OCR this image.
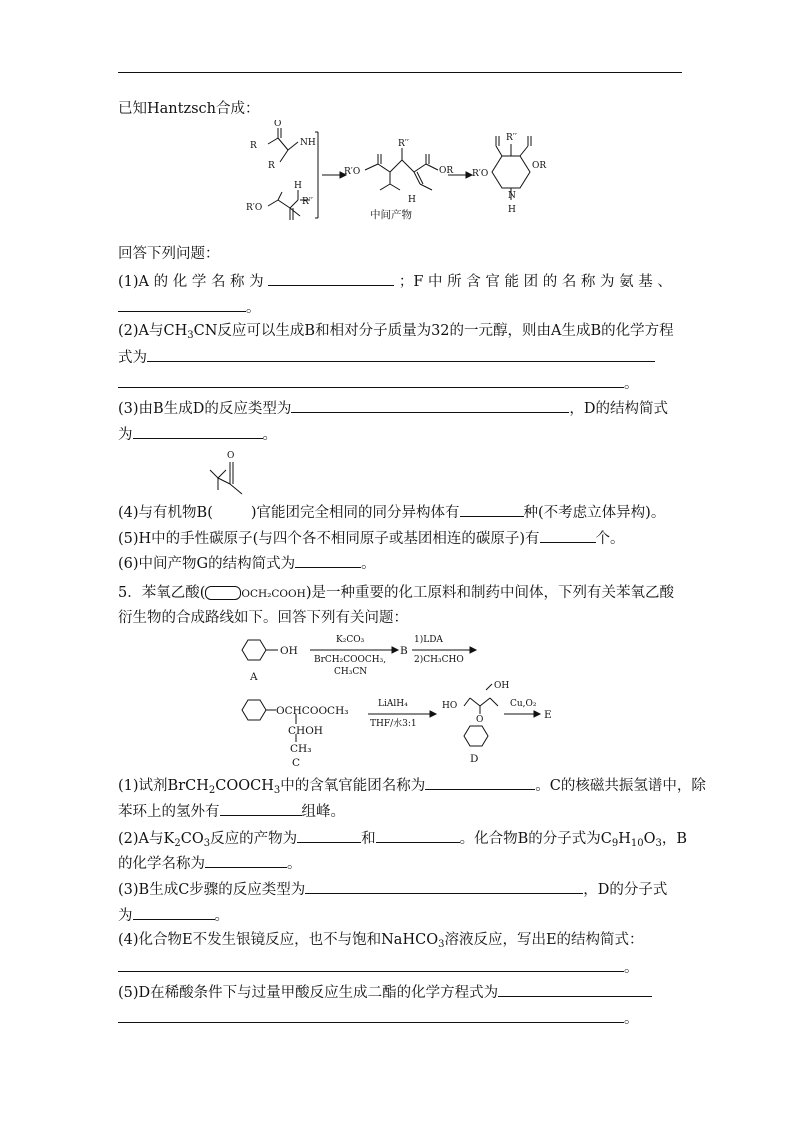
已知Hantzsch合成：
R
O
NH
R
H
R′′
R′O
R′O
R′′
OR
H
中间产物
R′O
OR
R′′
N
H
回答下列问题：
(1)A 的 化 学 名 称 为	；F 中 所 含 官 能 团 的 名 称 为 氨 基 、
。
(2)A与$CH_3CN$反应可以生成B和相对分子质量为32的一元醇，则由A生成B的化学方程
式为
。
(3)由B生成D的反应类型为	，D的结构简式
为	。
O
(4)与有机物B(	)官能团完全相同的同分异构体有	种(不考虑立体异构)。
(5)H中的手性碳原子(与四个各不相同原子或基团相连的碳原子)有	个。
(6)中间产物G的结构简式为	。
5．苯氧乙酸(	OCH₂COOH)是一种重要的化工原料和制药中间体，下列有关苯氧乙酸
衍生物的合成路线如下。回答下列有关问题：
OH
K₂CO₃
BrCH₂COOCH₃,
CH₃CN
B
1)LDA
2)CH₃CHO
A
OCHCOOCH₃
CHOH
CH₃
C
LiAlH₄
THF/水3:1
HO
OH
O
D
Cu,O₂
E
(1)试剂$BrCH_2COOCH_3$中的含氧官能团名称为	。C的核磁共振氢谱中，除
苯环上的氢外有	组峰。
(2)A与$K_2CO_3$反应的产物为	和	。化合物B的分子式为$C_9H_{10}O_3$，B
的化学名称为	。
(3)B生成C步骤的反应类型为	，D的分子式
为	。
(4)化合物E不发生银镜反应，也不与饱和NaHCO$_3$溶液反应，写出E的结构简式：
。
(5)D在稀酸条件下与过量甲酸反应生成二酯的化学方程式为
。
